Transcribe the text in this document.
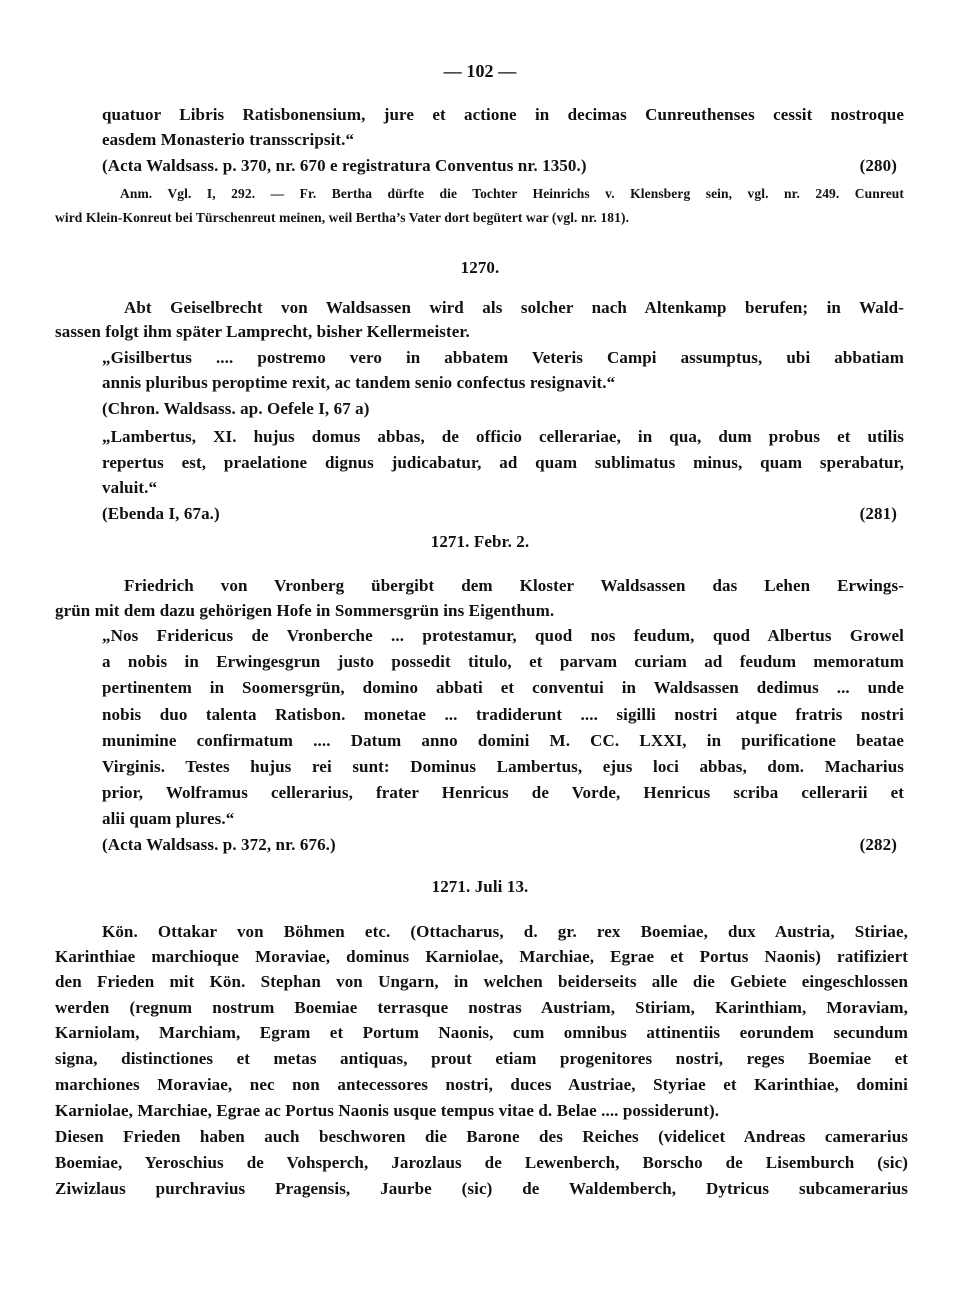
— 102 —
quatuor Libris Ratisbonensium, jure et actione in decimas Cunreuthenses cessit nostroque
easdem Monasterio transscripsit.“
(Acta Waldsass. p. 370, nr. 670 e registratura Conventus nr. 1350.)	(280)
Anm. Vgl. I, 292. — Fr. Bertha dürfte die Tochter Heinrichs v. Klensberg sein, vgl. nr. 249. Cunreut
wird Klein-Konreut bei Türschenreut meinen, weil Bertha’s Vater dort begütert war (vgl. nr. 181).
1270.
Abt Geiselbrecht von Waldsassen wird als solcher nach Altenkamp berufen; in Wald-
sassen folgt ihm später Lamprecht, bisher Kellermeister.
„Gisilbertus .... postremo vero in abbatem Veteris Campi assumptus, ubi abbatiam
annis pluribus peroptime rexit, ac tandem senio confectus resignavit.“
(Chron. Waldsass. ap. Oefele I, 67 a)
„Lambertus, XI. hujus domus abbas, de officio cellerariae, in qua, dum probus et utilis
repertus est, praelatione dignus judicabatur, ad quam sublimatus minus, quam sperabatur,
valuit.“
(Ebenda I, 67a.)	(281)
1271. Febr. 2.
Friedrich von Vronberg übergibt dem Kloster Waldsassen das Lehen Erwings-
grün mit dem dazu gehörigen Hofe in Sommersgrün ins Eigenthum.
„Nos Fridericus de Vronberche ... protestamur, quod nos feudum, quod Albertus Growel
a nobis in Erwingesgrun justo possedit titulo, et parvam curiam ad feudum memoratum
pertinentem in Soomersgrün, domino abbati et conventui in Waldsassen dedimus ... unde
nobis duo talenta Ratisbon. monetae ... tradiderunt .... sigilli nostri atque fratris nostri
munimine confirmatum .... Datum anno domini M. CC. LXXI, in purificatione beatae
Virginis. Testes hujus rei sunt: Dominus Lambertus, ejus loci abbas, dom. Macharius
prior, Wolframus cellerarius, frater Henricus de Vorde, Henricus scriba cellerarii et
alii quam plures.“
(Acta Waldsass. p. 372, nr. 676.)	(282)
1271. Juli 13.
Kön. Ottakar von Böhmen etc. (Ottacharus, d. gr. rex Boemiae, dux Austria, Stiriae,
Karinthiae marchioque Moraviae, dominus Karniolae, Marchiae, Egrae et Portus Naonis) ratifiziert
den Frieden mit Kön. Stephan von Ungarn, in welchen beiderseits alle die Gebiete eingeschlossen
werden (regnum nostrum Boemiae terrasque nostras Austriam, Stiriam, Karinthiam, Moraviam,
Karniolam, Marchiam, Egram et Portum Naonis, cum omnibus attinentiis eorundem secundum
signa, distinctiones et metas antiquas, prout etiam progenitores nostri, reges Boemiae et
marchiones Moraviae, nec non antecessores nostri, duces Austriae, Styriae et Karinthiae, domini
Karniolae, Marchiae, Egrae ac Portus Naonis usque tempus vitae d. Belae .... possiderunt).
Diesen Frieden haben auch beschworen die Barone des Reiches (videlicet Andreas camerarius
Boemiae, Yeroschius de Vohsperch, Jarozlaus de Lewenberch, Borscho de Lisemburch (sic)
Ziwizlaus purchravius Pragensis, Jaurbe (sic) de Waldemberch, Dytricus subcamerarius
